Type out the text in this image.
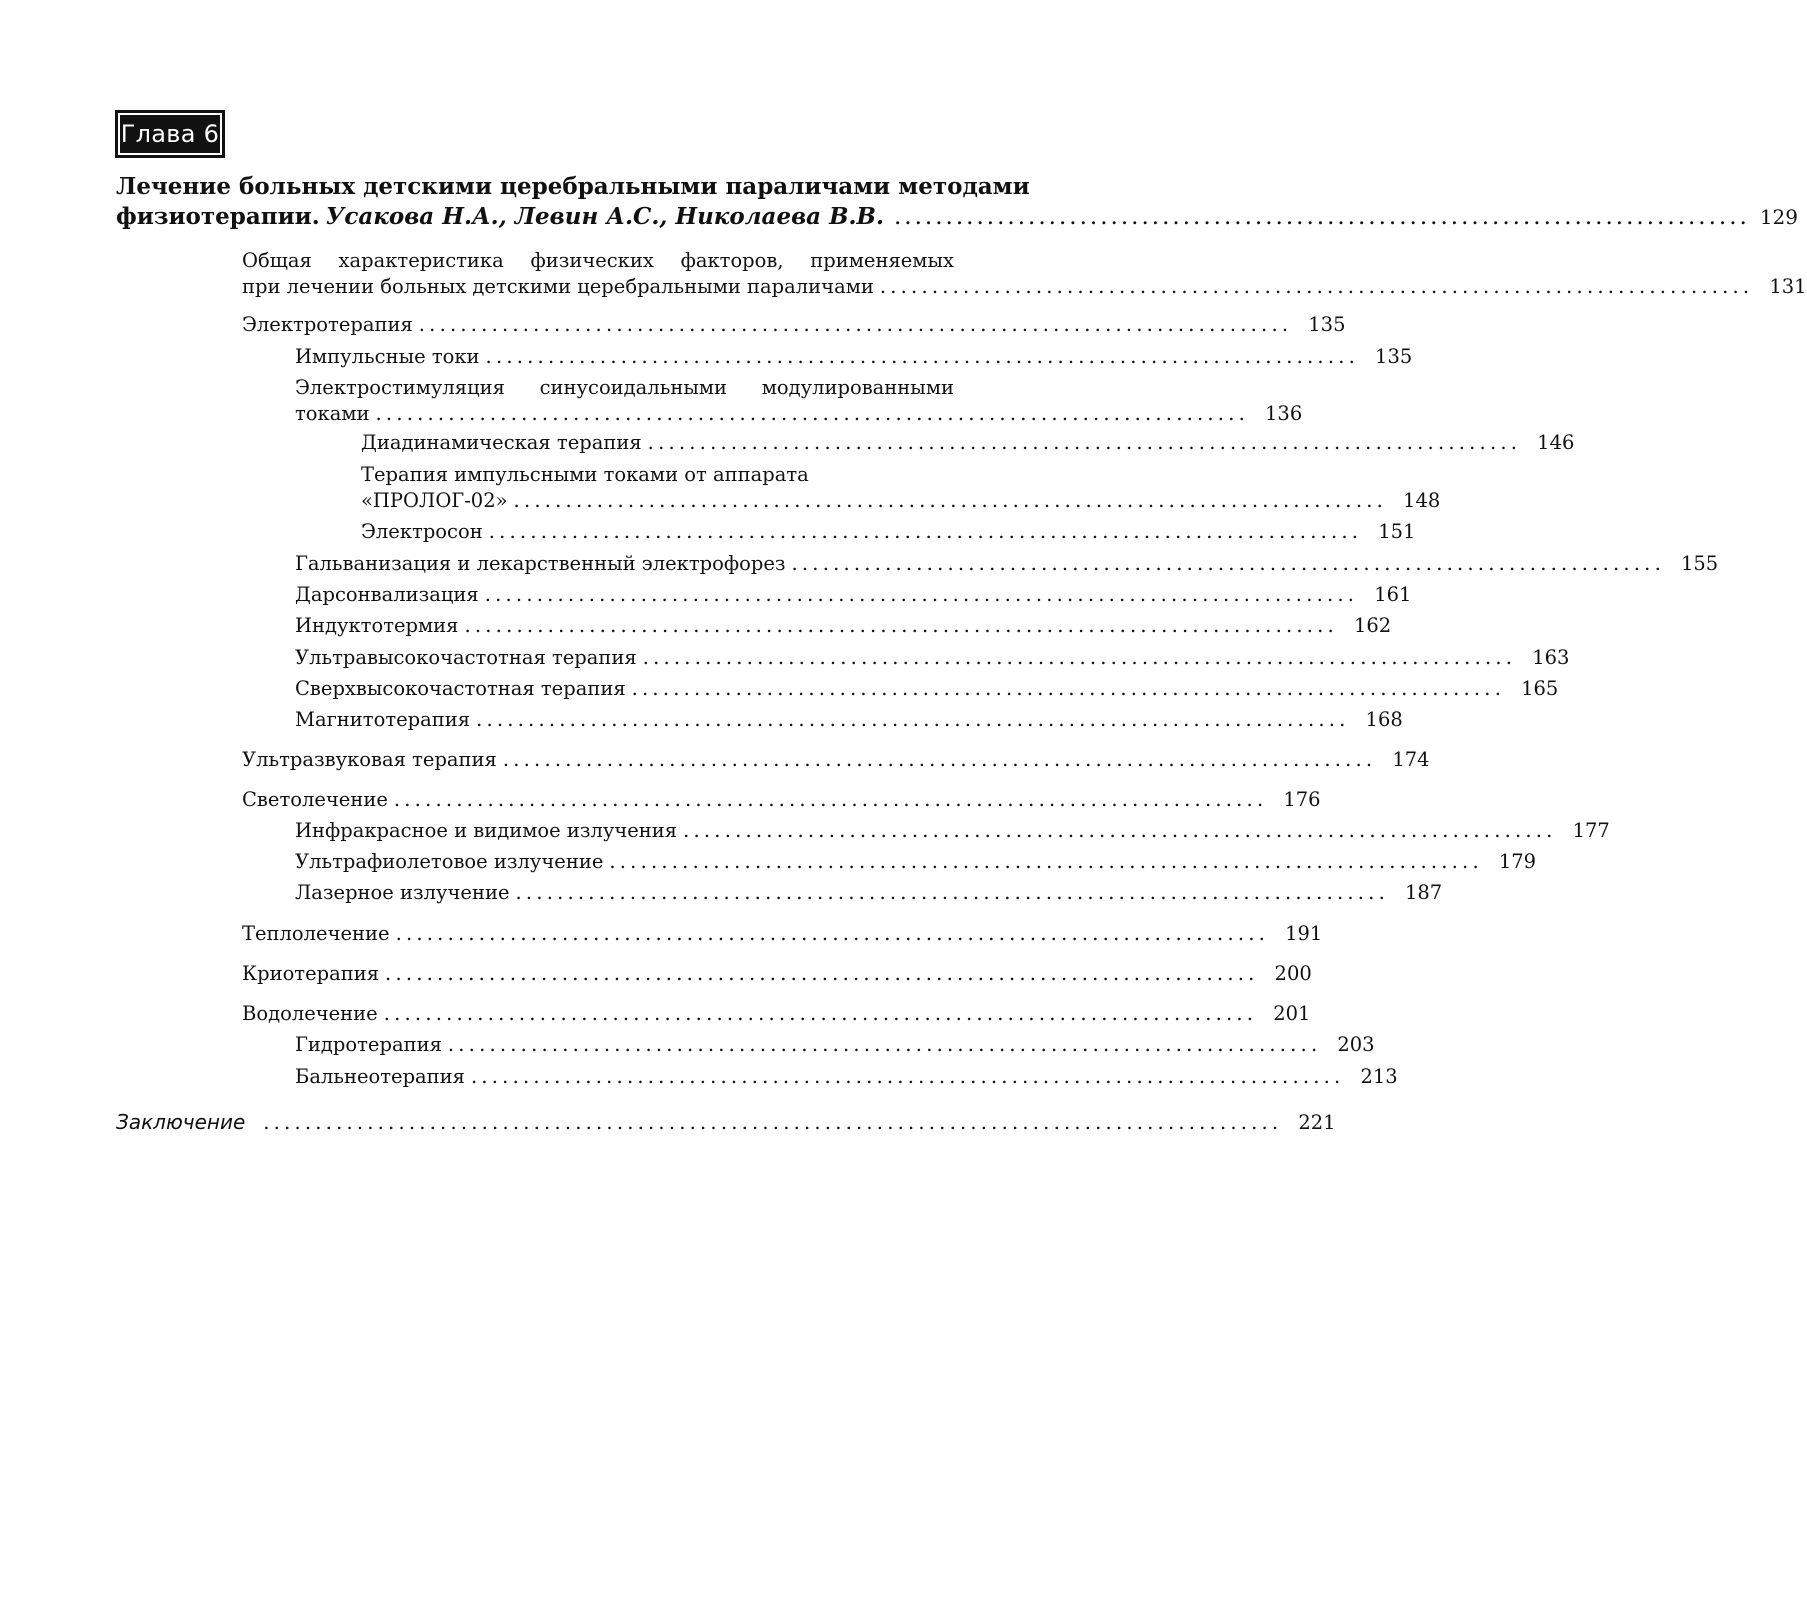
Глава 6
Лечение больных детскими церебральными параличами методами
физиотерапии. Усакова Н.А., Левин А.С., Николаева В.В. ................................................................................... 129
Общая характеристика физических факторов, применяемых
при лечении больных детскими церебральными параличами .................................................................................... 131
Электротерапия .................................................................................... 135
Импульсные токи .................................................................................... 135
Электростимуляция синусоидальными модулированными
токами .................................................................................... 136
Диадинамическая терапия .................................................................................... 146
Терапия импульсными токами от аппарата
«ПРОЛОГ-02» .................................................................................... 148
Электросон .................................................................................... 151
Гальванизация и лекарственный электрофорез .................................................................................... 155
Дарсонвализация .................................................................................... 161
Индуктотермия .................................................................................... 162
Ультравысокочастотная терапия .................................................................................... 163
Сверхвысокочастотная терапия .................................................................................... 165
Магнитотерапия .................................................................................... 168
Ультразвуковая терапия .................................................................................... 174
Светолечение .................................................................................... 176
Инфракрасное и видимое излучения .................................................................................... 177
Ультрафиолетовое излучение .................................................................................... 179
Лазерное излучение .................................................................................... 187
Теплолечение .................................................................................... 191
Криотерапия .................................................................................... 200
Водолечение .................................................................................... 201
Гидротерапия .................................................................................... 203
Бальнеотерапия .................................................................................... 213
Заключение .................................................................................................. 221
